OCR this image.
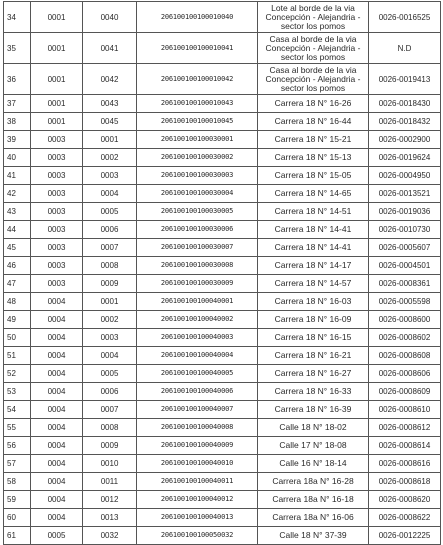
34	0001	0040	206100100100010040	Lote al borde de la via Concepción - Alejandria - sector los pomos	0026-0016525
35	0001	0041	206100100100010041	Casa al borde de la via Concepción - Alejandria - sector los pomos	N.D
36	0001	0042	206100100100010042	Casa al borde de la via Concepción - Alejandria - sector los pomos	0026-0019413
37	0001	0043	206100100100010043	Carrera 18 N° 16-26	0026-0018430
38	0001	0045	206100100100010045	Carrera 18 N° 16-44	0026-0018432
39	0003	0001	206100100100030001	Carrera 18 N° 15-21	0026-0002900
40	0003	0002	206100100100030002	Carrera 18 N° 15-13	0026-0019624
41	0003	0003	206100100100030003	Carrera 18 N° 15-05	0026-0004950
42	0003	0004	206100100100030004	Carrera 18 N° 14-65	0026-0013521
43	0003	0005	206100100100030005	Carrera 18 N° 14-51	0026-0019036
44	0003	0006	206100100100030006	Carrera 18 N° 14-41	0026-0010730
45	0003	0007	206100100100030007	Carrera 18 N° 14-41	0026-0005607
46	0003	0008	206100100100030008	Carrera 18 N° 14-17	0026-0004501
47	0003	0009	206100100100030009	Carrera 18 N° 14-57	0026-0008361
48	0004	0001	206100100100040001	Carrera 18 N° 16-03	0026-0005598
49	0004	0002	206100100100040002	Carrera 18 N° 16-09	0026-0008600
50	0004	0003	206100100100040003	Carrera 18 N° 16-15	0026-0008602
51	0004	0004	206100100100040004	Carrera 18 N° 16-21	0026-0008608
52	0004	0005	206100100100040005	Carrera 18 N° 16-27	0026-0008606
53	0004	0006	206100100100040006	Carrera 18 N° 16-33	0026-0008609
54	0004	0007	206100100100040007	Carrera 18 N° 16-39	0026-0008610
55	0004	0008	206100100100040008	Calle 18 N° 18-02	0026-0008612
56	0004	0009	206100100100040009	Calle 17 N° 18-08	0026-0008614
57	0004	0010	206100100100040010	Calle 16 N° 18-14	0026-0008616
58	0004	0011	206100100100040011	Carrera 18a N° 16-28	0026-0008618
59	0004	0012	206100100100040012	Carrera 18a N° 16-18	0026-0008620
60	0004	0013	206100100100040013	Carrera 18a N° 16-06	0026-0008622
61	0005	0032	206100100100050032	Calle 18 N° 37-39	0026-0012225
